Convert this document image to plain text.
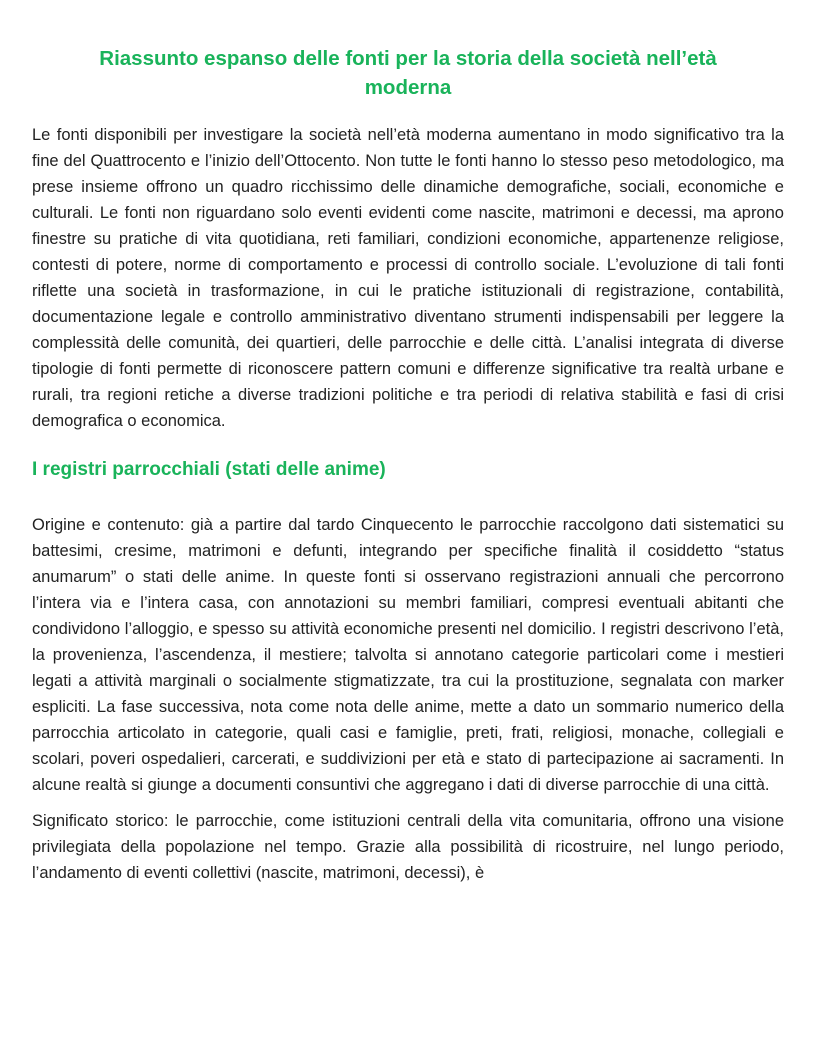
Riassunto espanso delle fonti per la storia della società nell’età moderna

Le fonti disponibili per investigare la società nell’età moderna aumentano in modo significativo tra la fine del Quattrocento e l’inizio dell’Ottocento. Non tutte le fonti hanno lo stesso peso metodologico, ma prese insieme offrono un quadro ricchissimo delle dinamiche demografiche, sociali, economiche e culturali. Le fonti non riguardano solo eventi evidenti come nascite, matrimoni e decessi, ma aprono finestre su pratiche di vita quotidiana, reti familiari, condizioni economiche, appartenenze religiose, contesti di potere, norme di comportamento e processi di controllo sociale. L’evoluzione di tali fonti riflette una società in trasformazione, in cui le pratiche istituzionali di registrazione, contabilità, documentazione legale e controllo amministrativo diventano strumenti indispensabili per leggere la complessità delle comunità, dei quartieri, delle parrocchie e delle città. L’analisi integrata di diverse tipologie di fonti permette di riconoscere pattern comuni e differenze significative tra realtà urbane e rurali, tra regioni retiche a diverse tradizioni politiche e tra periodi di relativa stabilità e fasi di crisi demografica o economica.

I registri parrocchiali (stati delle anime)

Origine e contenuto: già a partire dal tardo Cinquecento le parrocchie raccolgono dati sistematici su battesimi, cresime, matrimoni e defunti, integrando per specifiche finalità il cosiddetto “status anumarum” o stati delle anime. In queste fonti si osservano registrazioni annuali che percorrono l’intera via e l’intera casa, con annotazioni su membri familiari, compresi eventuali abitanti che condividono l’alloggio, e spesso su attività economiche presenti nel domicilio. I registri descrivono l’età, la provenienza, l’ascendenza, il mestiere; talvolta si annotano categorie particolari come i mestieri legati a attività marginali o socialmente stigmatizzate, tra cui la prostituzione, segnalata con marker espliciti. La fase successiva, nota come nota delle anime, mette a dato un sommario numerico della parrocchia articolato in categorie, quali casi e famiglie, preti, frati, religiosi, monache, collegiali e scolari, poveri ospedalieri, carcerati, e suddivizioni per età e stato di partecipazione ai sacramenti. In alcune realtà si giunge a documenti consuntivi che aggregano i dati di diverse parrocchie di una città.

Significato storico: le parrocchie, come istituzioni centrali della vita comunitaria, offrono una visione privilegiata della popolazione nel tempo. Grazie alla possibilità di ricostruire, nel lungo periodo, l’andamento di eventi collettivi (nascite, matrimoni, decessi), è
